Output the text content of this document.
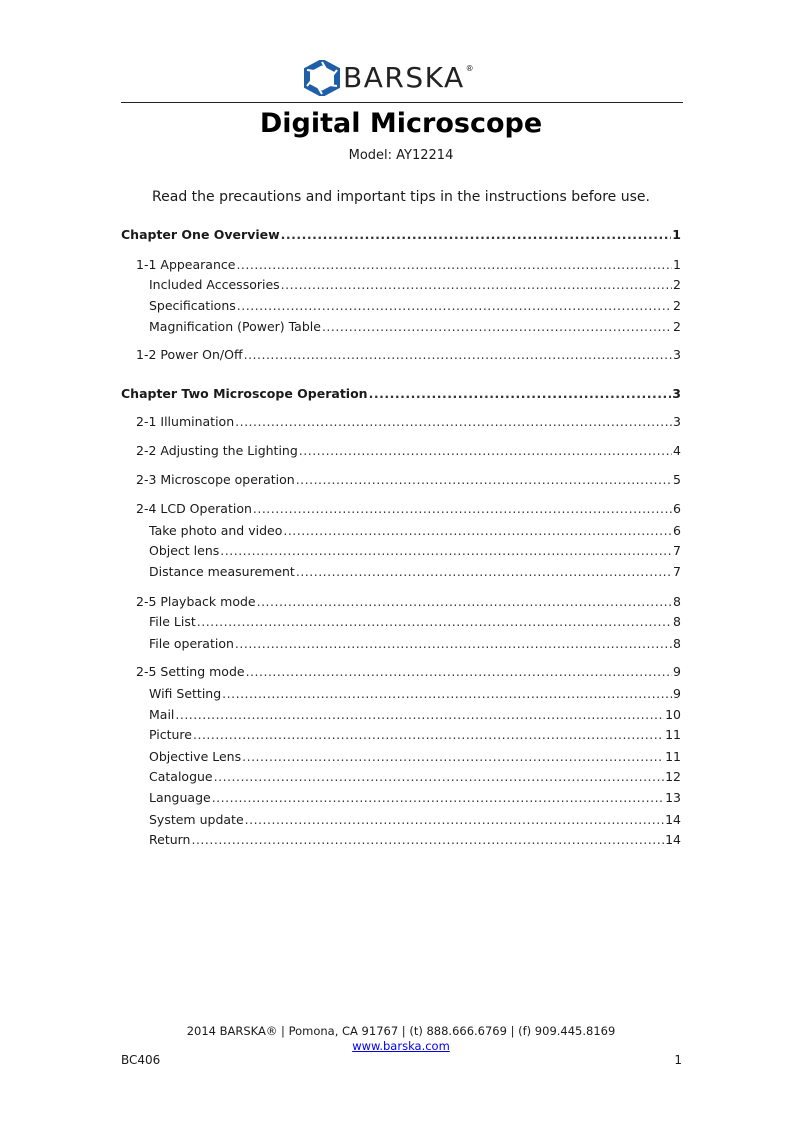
BARSKA ®
Digital Microscope
Model: AY12214
Read the precautions and important tips in the instructions before use.
Chapter One Overview .....	1
1-1 Appearance .....	1
Included Accessories .....	2
Specifications .....	2
Magnification (Power) Table .....	2
1-2 Power On/Off .....	3
Chapter Two Microscope Operation .....	3
2-1 Illumination .....	3
2-2 Adjusting the Lighting .....	4
2-3 Microscope operation .....	5
2-4 LCD Operation .....	6
Take photo and video .....	6
Object lens .....	7
Distance measurement .....	7
2-5 Playback mode .....	8
File List .....	8
File operation .....	8
2-5 Setting mode .....	9
Wifi Setting .....	9
Mail .....	10
Picture .....	11
Objective Lens .....	11
Catalogue .....	12
Language .....	13
System update .....	14
Return .....	14
2014 BARSKA® | Pomona, CA 91767 | (t) 888.666.6769 | (f) 909.445.8169
www.barska.com
BC406	1
